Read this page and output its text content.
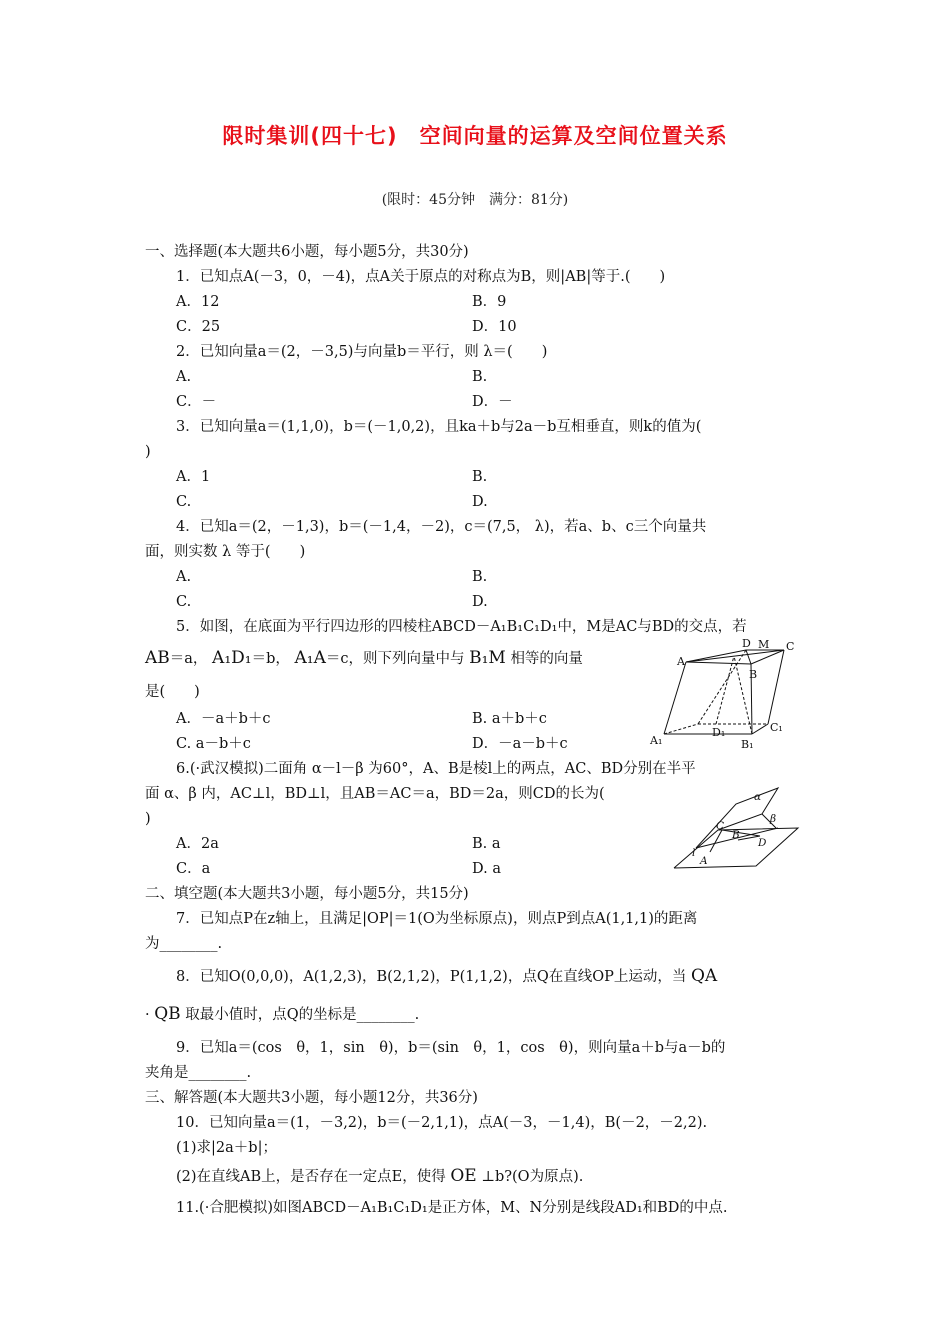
限时集训(四十七)　空间向量的运算及空间位置关系
(限时：45分钟　满分：81分)
一、选择题(本大题共6小题，每小题5分，共30分)
1．已知点A(－3，0，－4)，点A关于原点的对称点为B，则|AB|等于.(　　)
A．12	B．9
C．25	D．10
2．已知向量a＝(2，－3,5)与向量b＝平行，则 λ＝(　　)
A.	B.
C．－	D．－
3．已知向量a＝(1,1,0)，b＝(－1,0,2)，且ka＋b与2a－b互相垂直，则k的值为(
)
A．1	B.
C.	D.
4．已知a＝(2，－1,3)，b＝(－1,4，－2)，c＝(7,5， λ)，若a、b、c三个向量共
面，则实数 λ 等于(　　)
A.	B.
C.	D.
5．如图，在底面为平行四边形的四棱柱ABCD－A₁B₁C₁D₁中，M是AC与BD的交点，若
AB＝a， A₁D₁＝b， A₁A＝c，则下列向量中与 B₁M 相等的向量
是(　　)
A．－a＋b＋c	B. a＋b＋c
C. a－b＋c	D．－a－b＋c
A
D M C
B
A₁
D₁
B₁
C₁
6.(·武汉模拟)二面角 α－l－β 为60°，A、B是棱l上的两点，AC、BD分别在半平
面 α、β 内，AC⊥l，BD⊥l，且AB＝AC＝a，BD＝2a，则CD的长为(
)
A．2a	B. a
C．a	D. a
α
β
C
B
D
l
A
二、填空题(本大题共3小题，每小题5分，共15分)
7．已知点P在z轴上，且满足|OP|＝1(O为坐标原点)，则点P到点A(1,1,1)的距离
为________.
8．已知O(0,0,0)，A(1,2,3)，B(2,1,2)，P(1,1,2)，点Q在直线OP上运动，当 QA
· QB 取最小值时，点Q的坐标是________.
9．已知a＝(cos　θ，1，sin　θ)，b＝(sin　θ，1，cos　θ)，则向量a＋b与a－b的
夹角是________.
三、解答题(本大题共3小题，每小题12分，共36分)
10．已知向量a＝(1，－3,2)，b＝(－2,1,1)，点A(－3，－1,4)，B(－2，－2,2).
(1)求|2a＋b|；
(2)在直线AB上，是否存在一定点E，使得 OE ⊥b?(O为原点).
11.(·合肥模拟)如图ABCD－A₁B₁C₁D₁是正方体，M、N分别是线段AD₁和BD的中点.
